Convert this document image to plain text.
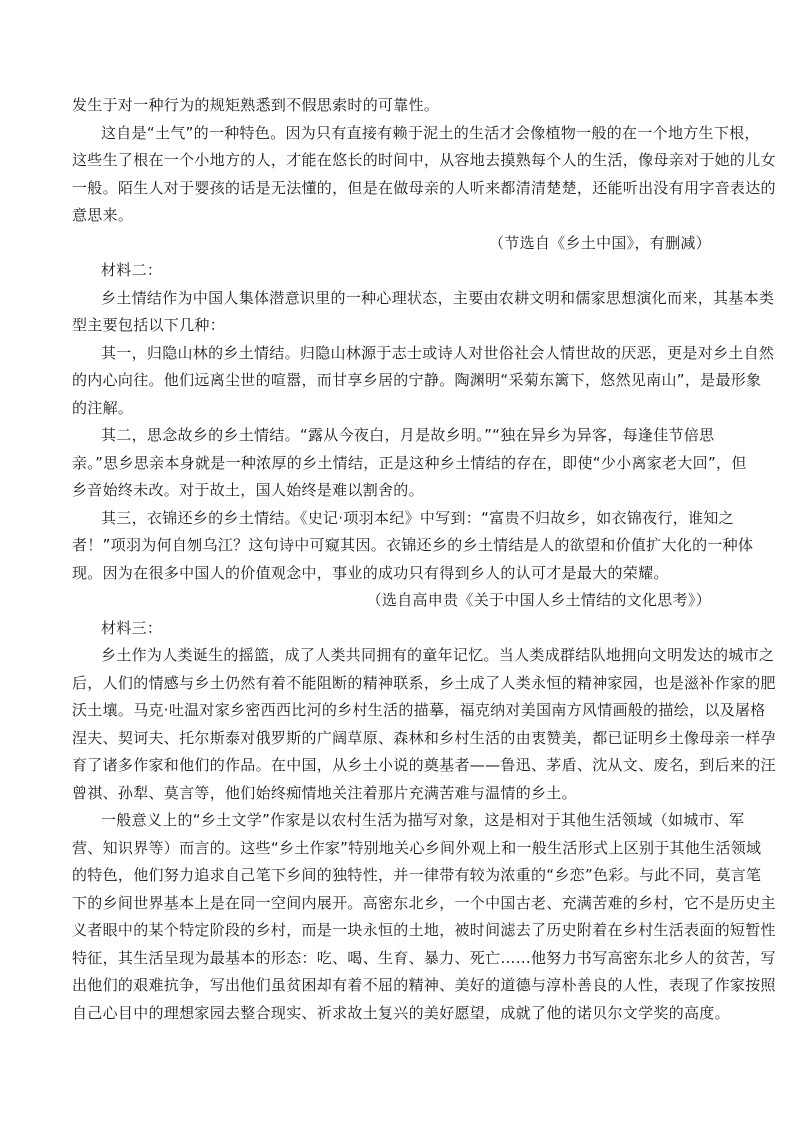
发生于对一种行为的规矩熟悉到不假思索时的可靠性。

这自是“土气”的一种特色。因为只有直接有赖于泥土的生活才会像植物一般的在一个地方生下根，

这些生了根在一个小地方的人，才能在悠长的时间中，从容地去摸熟每个人的生活，像母亲对于她的儿女

一般。陌生人对于婴孩的话是无法懂的，但是在做母亲的人听来都清清楚楚，还能听出没有用字音表达的

意思来。

（节选自《乡土中国》，有删减）

材料二：

乡土情结作为中国人集体潜意识里的一种心理状态，主要由农耕文明和儒家思想演化而来，其基本类

型主要包括以下几种：

其一，归隐山林的乡土情结。归隐山林源于志士或诗人对世俗社会人情世故的厌恶，更是对乡土自然

的内心向往。他们远离尘世的喧嚣，而甘享乡居的宁静。陶渊明“采菊东篱下，悠然见南山”，是最形象

的注解。

其二，思念故乡的乡土情结。“露从今夜白，月是故乡明。”“独在异乡为异客，每逢佳节倍思

亲。”思乡思亲本身就是一种浓厚的乡土情结，正是这种乡土情结的存在，即使“少小离家老大回”，但

乡音始终未改。对于故土，国人始终是难以割舍的。

其三，衣锦还乡的乡土情结。《史记·项羽本纪》中写到：“富贵不归故乡，如衣锦夜行，谁知之

者！”项羽为何自刎乌江？这句诗中可窥其因。衣锦还乡的乡土情结是人的欲望和价值扩大化的一种体

现。因为在很多中国人的价值观念中，事业的成功只有得到乡人的认可才是最大的荣耀。

（选自高申贵《关于中国人乡土情结的文化思考》）

材料三：

乡土作为人类诞生的摇篮，成了人类共同拥有的童年记忆。当人类成群结队地拥向文明发达的城市之

后，人们的情感与乡土仍然有着不能阻断的精神联系，乡土成了人类永恒的精神家园，也是滋补作家的肥

沃土壤。马克·吐温对家乡密西西比河的乡村生活的描摹，福克纳对美国南方风情画般的描绘，以及屠格

涅夫、契诃夫、托尔斯泰对俄罗斯的广阔草原、森林和乡村生活的由衷赞美，都已证明乡土像母亲一样孕

育了诸多作家和他们的作品。在中国，从乡土小说的奠基者——鲁迅、茅盾、沈从文、废名，到后来的汪

曾祺、孙犁、莫言等，他们始终痴情地关注着那片充满苦难与温情的乡土。

一般意义上的“乡土文学”作家是以农村生活为描写对象，这是相对于其他生活领域（如城市、军

营、知识界等）而言的。这些“乡土作家”特别地关心乡间外观上和一般生活形式上区别于其他生活领域

的特色，他们努力追求自己笔下乡间的独特性，并一律带有较为浓重的“乡恋”色彩。与此不同，莫言笔

下的乡间世界基本上是在同一空间内展开。高密东北乡，一个中国古老、充满苦难的乡村，它不是历史主

义者眼中的某个特定阶段的乡村，而是一块永恒的土地，被时间滤去了历史附着在乡村生活表面的短暂性

特征，其生活呈现为最基本的形态：吃、喝、生育、暴力、死亡……他努力书写高密东北乡人的贫苦，写

出他们的艰难抗争，写出他们虽贫困却有着不屈的精神、美好的道德与淳朴善良的人性，表现了作家按照

自己心目中的理想家园去整合现实、祈求故土复兴的美好愿望，成就了他的诺贝尔文学奖的高度。
